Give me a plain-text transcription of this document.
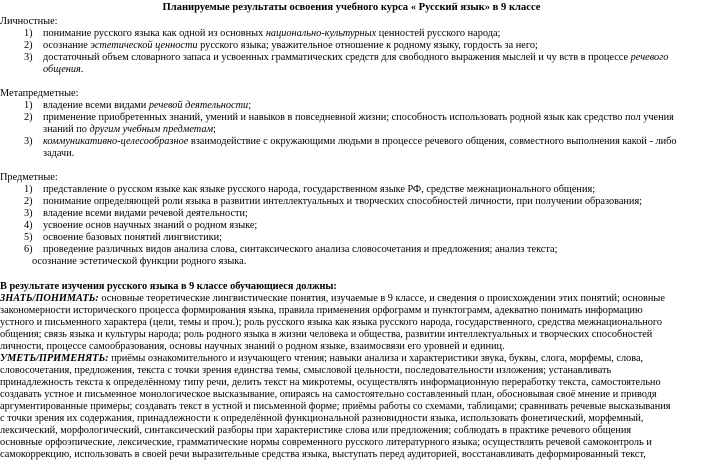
Планируемые результаты освоения учебного курса « Русский язык» в 9 классе
Личностные:
1) понимание русского языка как одной из основных национально-культурных ценностей русского народа;
2) осознание эстетической ценности русского языка; уважительное отношение к родному языку, гордость за него;
3) достаточный объем словарного запаса и усвоенных грамматических средств для свободного выражения мыслей и чу вств в процессе речевого
общения.
Метапредметные:
1) владение всеми видами речевой деятельности;
2) применение приобретенных знаний, умений и навыков в повседневной жизни; способность использовать родной язык как средство пол учения
знаний по другим учебным предметам;
3) коммуникативно-целесообразное взаимодействие с окружающими людьми в процессе речевого общения, совместного выполнения какой - либо
задачи.
Предметные:
1) представление о русском языке как языке русского народа, государственном языке РФ, средстве межнационального общения;
2) понимание определяющей роли языка в развитии интеллектуальных и творческих способностей личности, при получении образования;
3) владение всеми видами речевой деятельности;
4) усвоение основ научных знаний о родном языке;
5) освоение базовых понятий лингвистики;
6) проведение различных видов анализа слова, синтаксического анализа словосочетания и предложения; анализ текста;
осознание эстетической функции родного языка.
В результате изучения русского языка в 9 классе обучающиеся должны:
ЗНАТЬ/ПОНИМАТЬ: основные теоретические лингвистические понятия, изучаемые в 9 классе, и сведения о происхождении этих понятий; основные
закономерности исторического процесса формирования языка, правила применения орфограмм и пунктограмм, адекватно понимать информацию
устного и письменного характера (цели, темы и проч.); роль русского языка как языка русского народа, государственного, средства межнационального
общения; связь языка и культуры народа; роль родного языка в жизни человека и общества, развитии интеллектуальных и творческих способностей
личности, процессе самообразования, основы научных знаний о родном языке, взаимосвязи его уровней и единиц.
УМЕТЬ/ПРИМЕНЯТЬ: приёмы ознакомительного и изучающего чтения; навыки анализа и характеристики звука, буквы, слога, морфемы, слова,
словосочетания, предложения, текста с точки зрения единства темы, смысловой цельности, последовательности изложения; устанавливать
принадлежность текста к определённому типу речи, делить текст на микротемы, осуществлять информационную переработку текста, самостоятельно
создавать устное и письменное монологическое высказывание, опираясь на самостоятельно составленный план, обосновывая своё мнение и приводя
аргументированные примеры; создавать текст в устной и письменной форме; приёмы работы со схемами, таблицами; сравнивать речевые высказывания
с точки зрения их содержания, принадлежности к определённой функциональной разновидности языка, использовать фонетический, морфемный,
лексический, морфологический, синтаксический разборы при характеристике слова или предложения; соблюдать в практике речевого общения
основные орфоэпические, лексические, грамматические нормы современного русского литературного языка; осуществлять речевой самоконтроль и
самокоррекцию, использовать в своей речи выразительные средства языка, выступать перед аудиторией, восстанавливать деформированный текст,
